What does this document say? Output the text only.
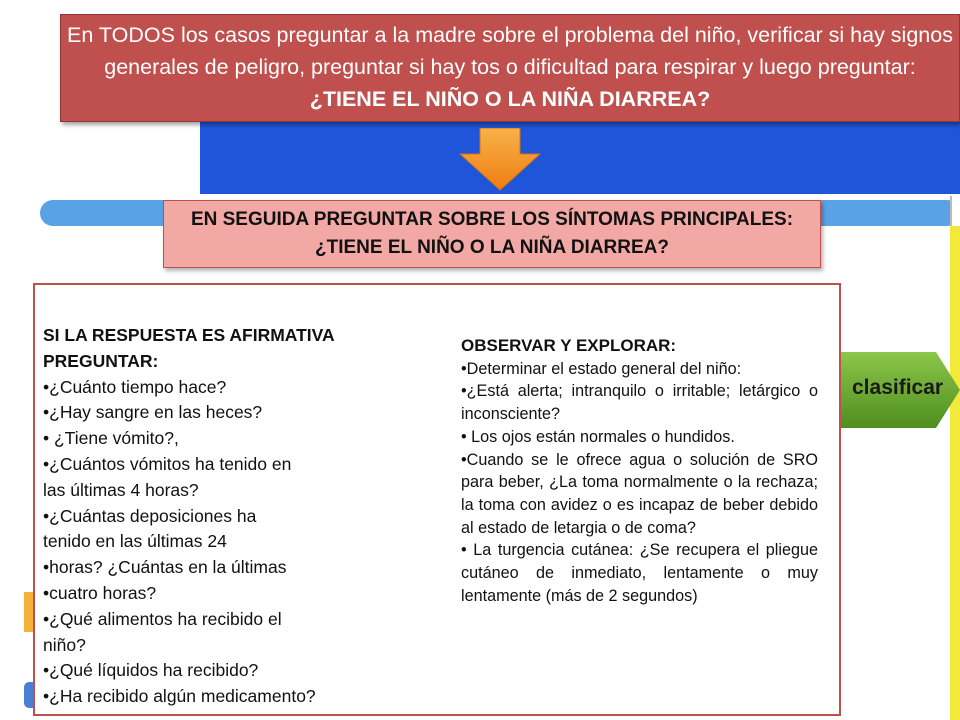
En TODOS los casos preguntar a la madre sobre el problema del niño, verificar si hay signos generales de peligro, preguntar si hay tos o dificultad para respirar y luego preguntar: ¿TIENE EL NIÑO O LA NIÑA DIARREA?
EN SEGUIDA PREGUNTAR SOBRE LOS SÍNTOMAS PRINCIPALES:
¿TIENE EL NIÑO O LA NIÑA DIARREA?
clasificar
SI LA RESPUESTA ES AFIRMATIVA
PREGUNTAR:
•¿Cuánto tiempo hace?
•¿Hay sangre en las heces?
• ¿Tiene vómito?,
•¿Cuántos vómitos ha tenido en
las últimas 4 horas?
•¿Cuántas deposiciones ha
tenido en las últimas 24
•horas? ¿Cuántas en la últimas
•cuatro horas?
•¿Qué alimentos ha recibido el
niño?
•¿Qué líquidos ha recibido?
•¿Ha recibido algún medicamento?
OBSERVAR Y EXPLORAR:
•Determinar el estado general del niño:
•¿Está alerta; intranquilo o irritable; letárgico o inconsciente?
• Los ojos están normales o hundidos.
•Cuando se le ofrece agua o solución de SRO para beber, ¿La toma normalmente o la rechaza; la toma con avidez o es incapaz de beber debido al estado de letargia o de coma?
• La turgencia cutánea: ¿Se recupera el pliegue cutáneo de inmediato, lentamente o muy lentamente (más de 2 segundos)
